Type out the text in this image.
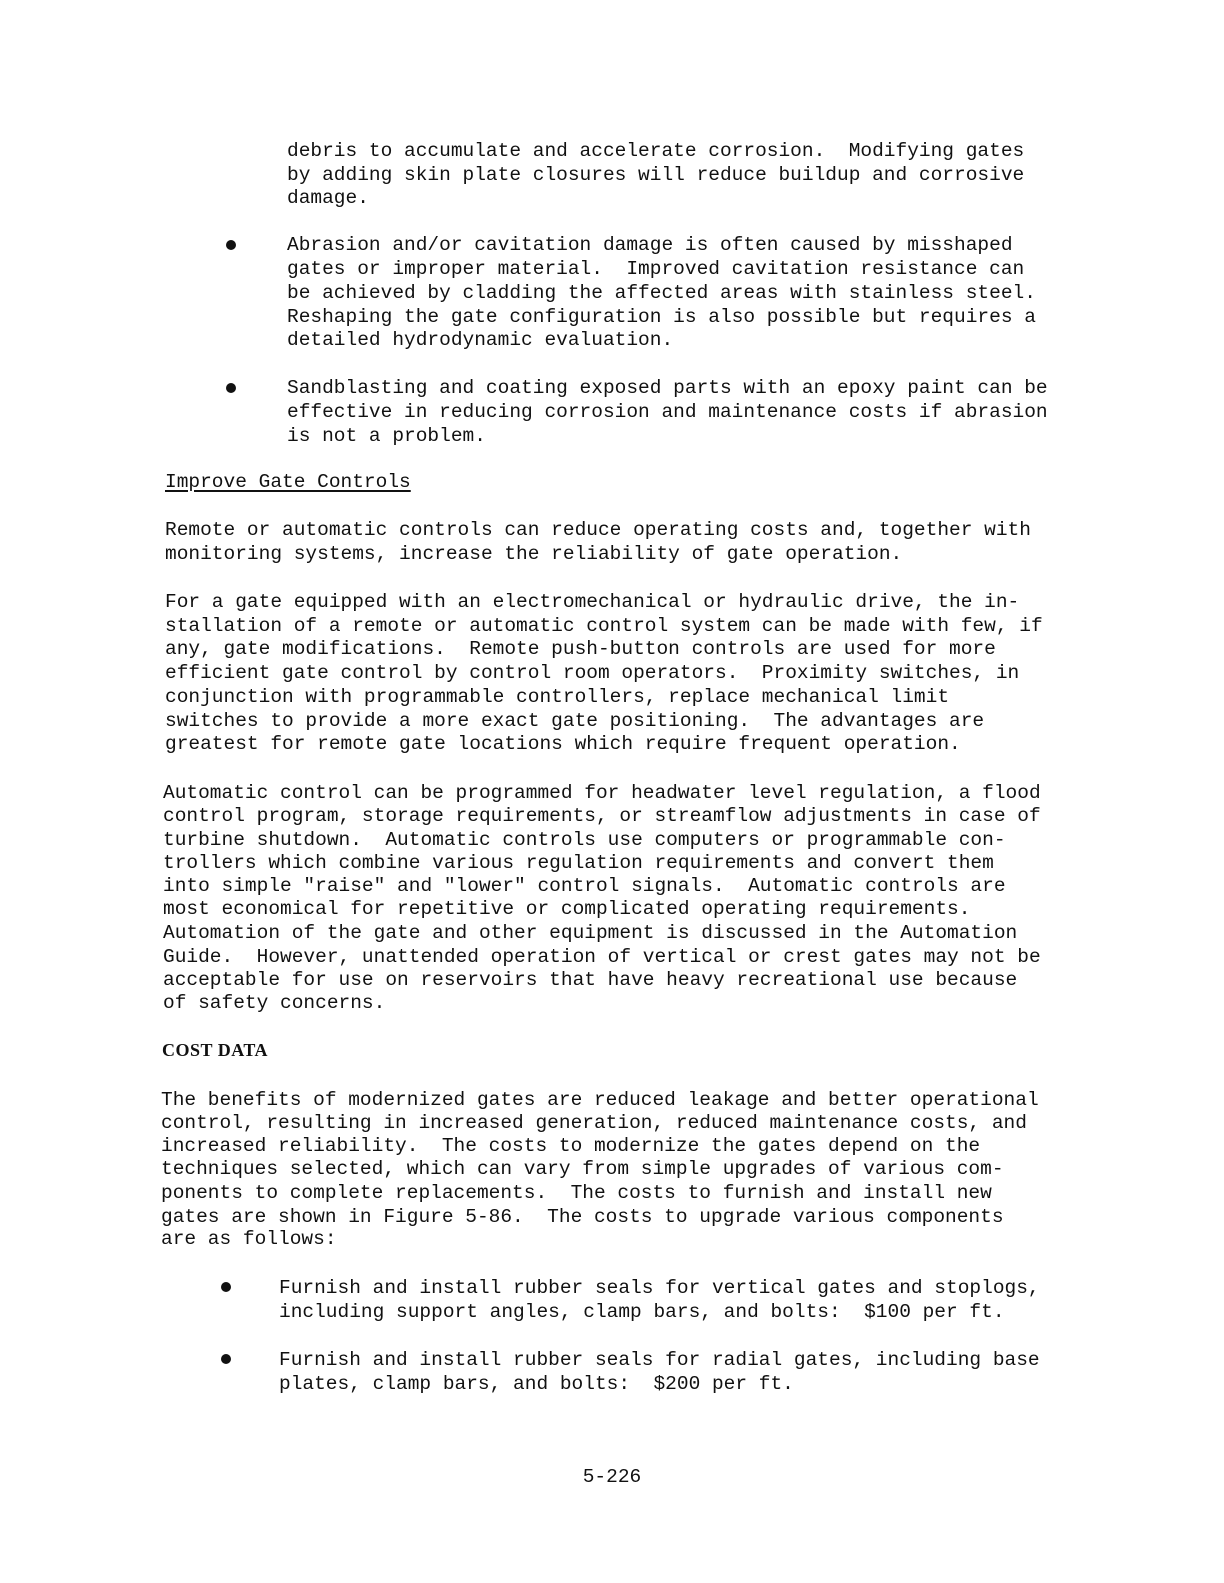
debris to accumulate and accelerate corrosion.  Modifying gates
by adding skin plate closures will reduce buildup and corrosive
damage.
Abrasion and/or cavitation damage is often caused by misshaped
gates or improper material.  Improved cavitation resistance can
be achieved by cladding the affected areas with stainless steel.
Reshaping the gate configuration is also possible but requires a
detailed hydrodynamic evaluation.
Sandblasting and coating exposed parts with an epoxy paint can be
effective in reducing corrosion and maintenance costs if abrasion
is not a problem.
Improve Gate Controls
Remote or automatic controls can reduce operating costs and, together with
monitoring systems, increase the reliability of gate operation.
For a gate equipped with an electromechanical or hydraulic drive, the in-
stallation of a remote or automatic control system can be made with few, if
any, gate modifications.  Remote push-button controls are used for more
efficient gate control by control room operators.  Proximity switches, in
conjunction with programmable controllers, replace mechanical limit
switches to provide a more exact gate positioning.  The advantages are
greatest for remote gate locations which require frequent operation.
Automatic control can be programmed for headwater level regulation, a flood
control program, storage requirements, or streamflow adjustments in case of
turbine shutdown.  Automatic controls use computers or programmable con-
trollers which combine various regulation requirements and convert them
into simple "raise" and "lower" control signals.  Automatic controls are
most economical for repetitive or complicated operating requirements.
Automation of the gate and other equipment is discussed in the Automation
Guide.  However, unattended operation of vertical or crest gates may not be
acceptable for use on reservoirs that have heavy recreational use because
of safety concerns.
COST DATA
The benefits of modernized gates are reduced leakage and better operational
control, resulting in increased generation, reduced maintenance costs, and
increased reliability.  The costs to modernize the gates depend on the
techniques selected, which can vary from simple upgrades of various com-
ponents to complete replacements.  The costs to furnish and install new
gates are shown in Figure 5-86.  The costs to upgrade various components
are as follows:
Furnish and install rubber seals for vertical gates and stoplogs,
including support angles, clamp bars, and bolts:  $100 per ft.
Furnish and install rubber seals for radial gates, including base
plates, clamp bars, and bolts:  $200 per ft.
5-226
